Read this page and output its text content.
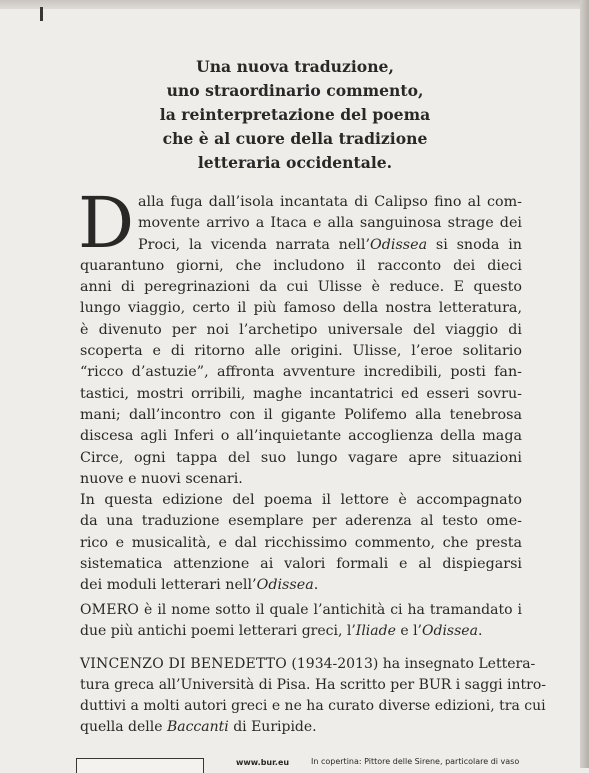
Una nuova traduzione,
uno straordinario commento,
la reinterpretazione del poema
che è al cuore della tradizione
letteraria occidentale.
D alla fuga dall’isola incantata di Calipso fino al com-
movente arrivo a Itaca e alla sanguinosa strage dei
Proci, la vicenda narrata nell’Odissea si snoda in
quarantuno giorni, che includono il racconto dei dieci
anni di peregrinazioni da cui Ulisse è reduce. E questo
lungo viaggio, certo il più famoso della nostra letteratura,
è divenuto per noi l’archetipo universale del viaggio di
scoperta e di ritorno alle origini. Ulisse, l’eroe solitario
“ricco d’astuzie”, affronta avventure incredibili, posti fan-
tastici, mostri orribili, maghe incantatrici ed esseri sovru-
mani; dall’incontro con il gigante Polifemo alla tenebrosa
discesa agli Inferi o all’inquietante accoglienza della maga
Circe, ogni tappa del suo lungo vagare apre situazioni
nuove e nuovi scenari.
In questa edizione del poema il lettore è accompagnato
da una traduzione esemplare per aderenza al testo ome-
rico e musicalità, e dal ricchissimo commento, che presta
sistematica attenzione ai valori formali e al dispiegarsi
dei moduli letterari nell’Odissea.
OMERO è il nome sotto il quale l’antichità ci ha tramandato i
due più antichi poemi letterari greci, l’Iliade e l’Odissea.
VINCENZO DI BENEDETTO (1934-2013) ha insegnato Lettera-
tura greca all’Università di Pisa. Ha scritto per BUR i saggi intro-
duttivi a molti autori greci e ne ha curato diverse edizioni, tra cui
quella delle Baccanti di Euripide.
www.bur.eu	In copertina: Pittore delle Sirene, particolare di vaso
